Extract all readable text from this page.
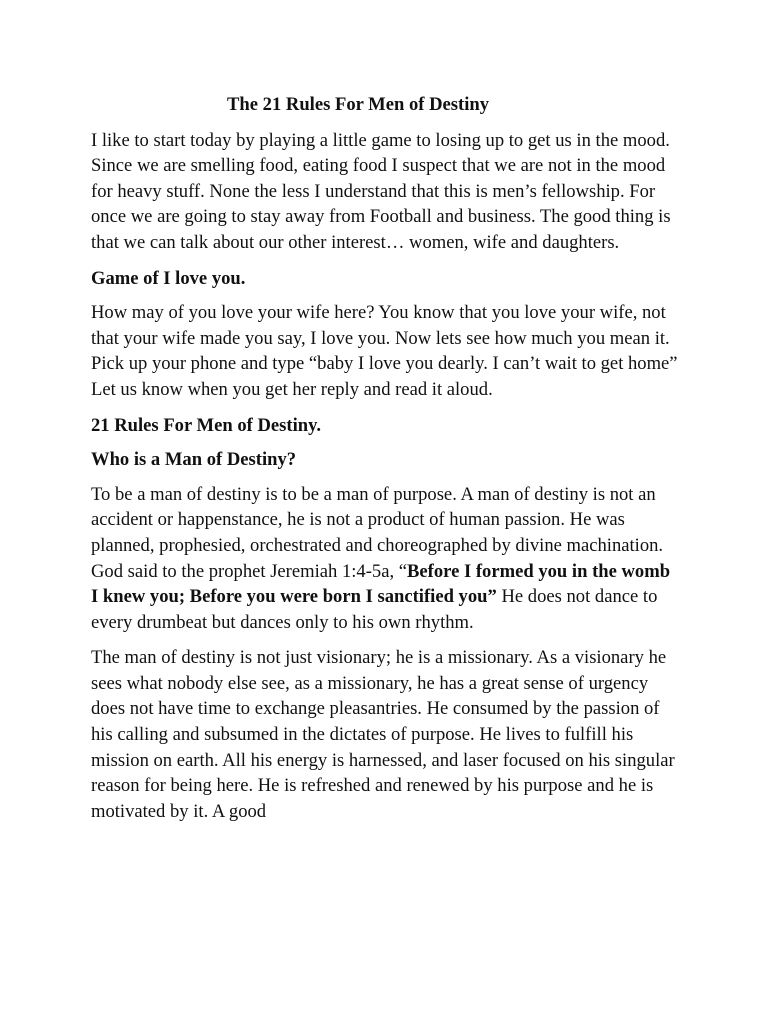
The 21 Rules For Men of Destiny

I like to start today by playing a little game to losing up to get us in the mood. Since we are smelling food, eating food I suspect that we are not in the mood for heavy stuff. None the less I understand that this is men’s fellowship. For once we are going to stay away from Football and business. The good thing is that we can talk about our other interest… women, wife and daughters.

Game of I love you.

How may of you love your wife here? You know that you love your wife, not that your wife made you say, I love you. Now lets see how much you mean it. Pick up your phone and type “baby I love you dearly. I can’t wait to get home” Let us know when you get her reply and read it aloud.

21 Rules For Men of Destiny.
Who is a Man of Destiny?

To be a man of destiny is to be a man of purpose. A man of destiny is not an accident or happenstance, he is not a product of human passion. He was planned, prophesied, orchestrated and choreographed by divine machination. God said to the prophet Jeremiah 1:4-5a, “Before I formed you in the womb I knew you; Before you were born I sanctified you” He does not dance to every drumbeat but dances only to his own rhythm.

The man of destiny is not just visionary; he is a missionary. As a visionary he sees what nobody else see, as a missionary, he has a great sense of urgency does not have time to exchange pleasantries. He consumed by the passion of his calling and subsumed in the dictates of purpose. He lives to fulfill his mission on earth. All his energy is harnessed, and laser focused on his singular reason for being here. He is refreshed and renewed by his purpose and he is motivated by it. A good
